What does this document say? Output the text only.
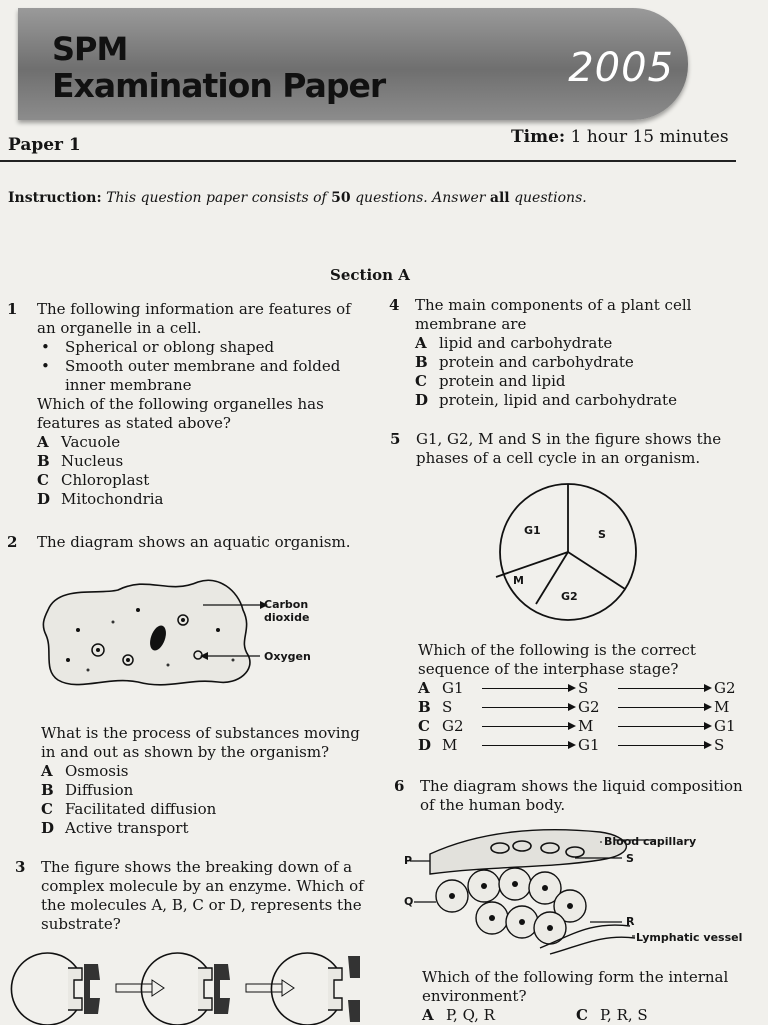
SPM
Examination Paper	2005
Paper 1	Time: 1 hour 15 minutes
Instruction: This question paper consists of 50 questions. Answer all questions.
Section A
1 The following information are features of an organelle in a cell.

•	Spherical or oblong shaped
•	Smooth outer membrane and folded inner membrane

Which of the following organelles has features as stated above?

A Vacuole
B Nucleus
C Chloroplast
D Mitochondria
2 The diagram shows an aquatic organism.

Carbon dioxide
Oxygen

What is the process of substances moving in and out as shown by the organism?

A Osmosis
B Diffusion
C Facilitated diffusion
D Active transport
3 The figure shows the breaking down of a complex molecule by an enzyme. Which of the molecules A, B, C or D, represents the substrate?

4 The main components of a plant cell membrane are

A lipid and carbohydrate
B protein and carbohydrate
C protein and lipid
D protein, lipid and carbohydrate
5 G1, G2, M and S in the figure shows the phases of a cell cycle in an organism.

G1	S
G2
M

Which of the following is the correct sequence of the interphase stage?

A G1	S	G2
B S	G2	M
C G2	M	G1
D M	G1	S
6 The diagram shows the liquid composition of the human body.

Blood capillary
S
P
Q
R
Lymphatic vessel

Which of the following form the internal environment?

A P, Q, R	C P, R, S
